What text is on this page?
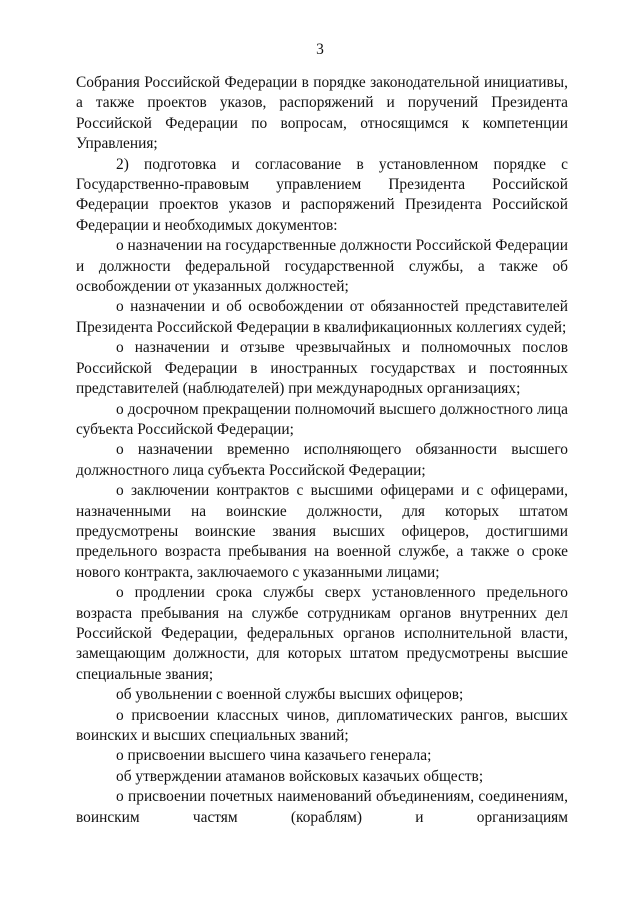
3

Собрания Российской Федерации в порядке законодательной инициативы, а также проектов указов, распоряжений и поручений Президента Российской Федерации по вопросам, относящимся к компетенции Управления;

2) подготовка и согласование в установленном порядке с Государственно-правовым управлением Президента Российской Федерации проектов указов и распоряжений Президента Российской Федерации и необходимых документов:

о назначении на государственные должности Российской Федерации и должности федеральной государственной службы, а также об освобождении от указанных должностей;

о назначении и об освобождении от обязанностей представителей Президента Российской Федерации в квалификационных коллегиях судей;

о назначении и отзыве чрезвычайных и полномочных послов Российской Федерации в иностранных государствах и постоянных представителей (наблюдателей) при международных организациях;

о досрочном прекращении полномочий высшего должностного лица субъекта Российской Федерации;

о назначении временно исполняющего обязанности высшего должностного лица субъекта Российской Федерации;

о заключении контрактов с высшими офицерами и с офицерами, назначенными на воинские должности, для которых штатом предусмотрены воинские звания высших офицеров, достигшими предельного возраста пребывания на военной службе, а также о сроке нового контракта, заключаемого с указанными лицами;

о продлении срока службы сверх установленного предельного возраста пребывания на службе сотрудникам органов внутренних дел Российской Федерации, федеральных органов исполнительной власти, замещающим должности, для которых штатом предусмотрены высшие специальные звания;

об увольнении с военной службы высших офицеров;

о присвоении классных чинов, дипломатических рангов, высших воинских и высших специальных званий;

о присвоении высшего чина казачьего генерала;

об утверждении атаманов войсковых казачьих обществ;

о присвоении почетных наименований объединениям, соединениям, воинским частям (кораблям) и организациям
